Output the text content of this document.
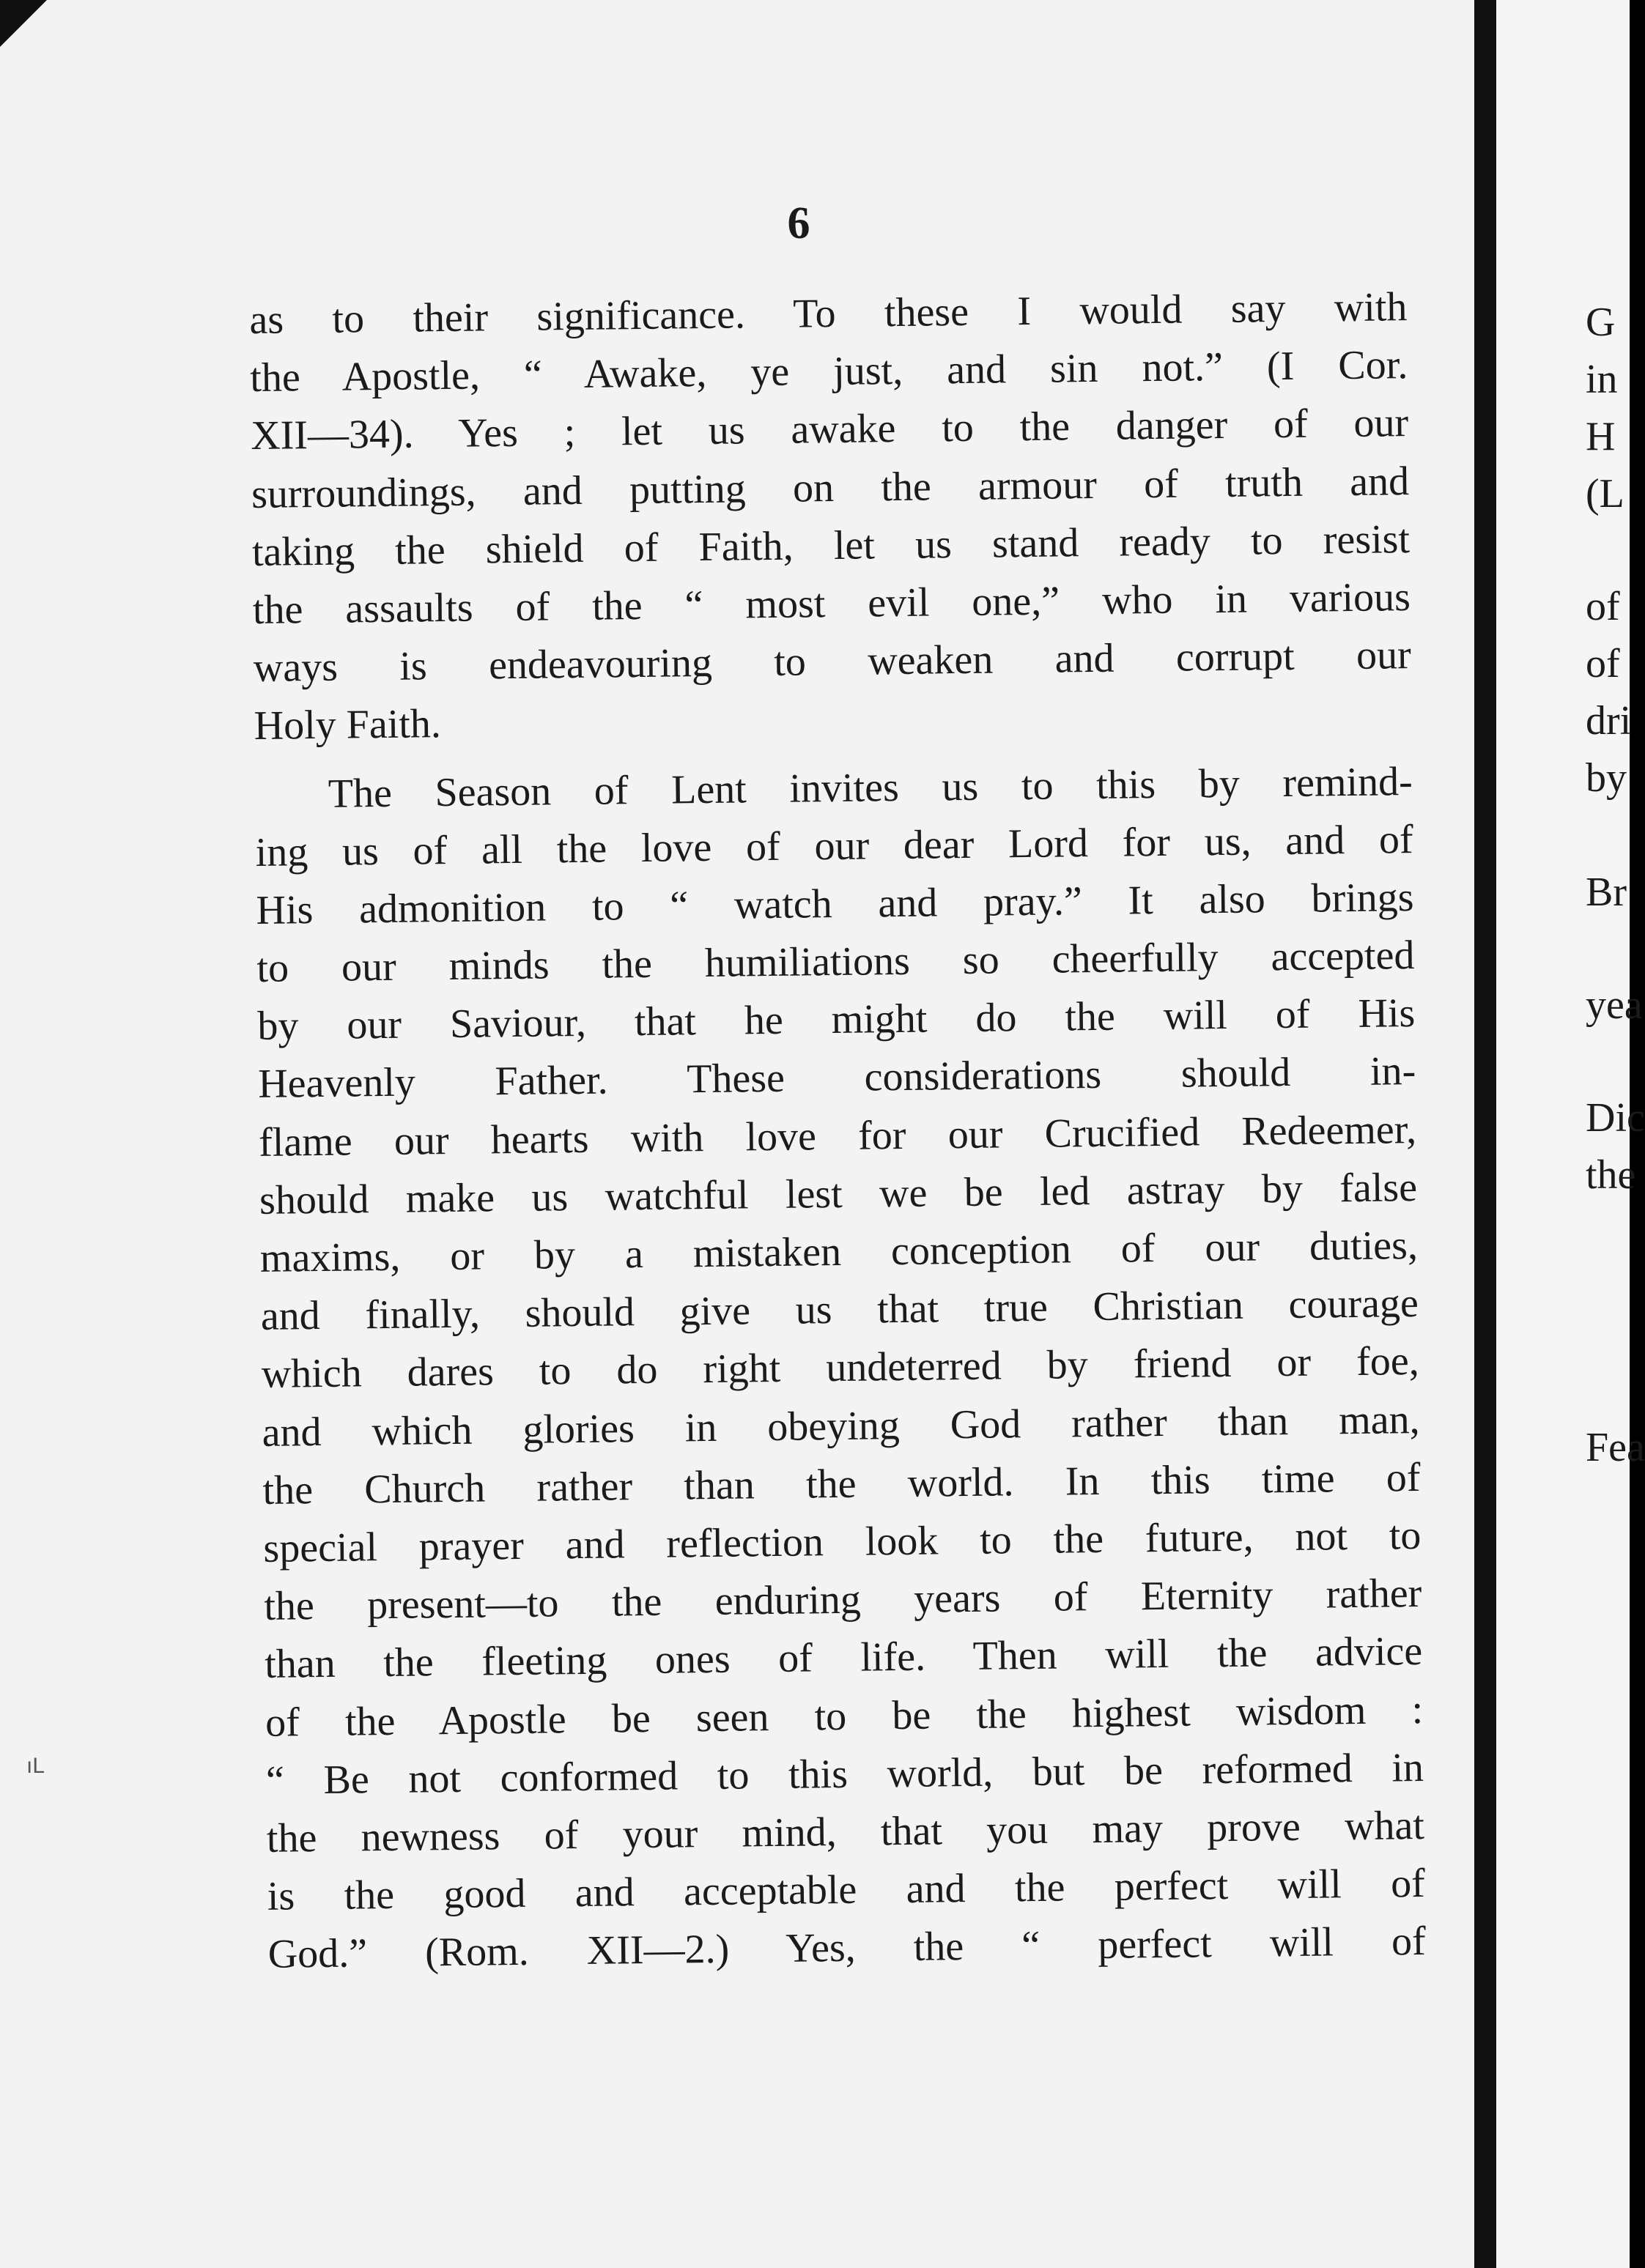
6
ıL
as to their significance. To these I would say with
the Apostle, “ Awake, ye just, and sin not.” (I Cor.
XII—34). Yes ; let us awake to the danger of our
surroundings, and putting on the armour of truth and
taking the shield of Faith, let us stand ready to resist
the assaults of the “ most evil one,” who in various
ways is endeavouring to weaken and corrupt our
Holy Faith.
The Season of Lent invites us to this by remind-
ing us of all the love of our dear Lord for us, and of
His admonition to “ watch and pray.” It also brings
to our minds the humiliations so cheerfully accepted
by our Saviour, that he might do the will of His
Heavenly Father. These considerations should in-
flame our hearts with love for our Crucified Redeemer,
should make us watchful lest we be led astray by false
maxims, or by a mistaken conception of our duties,
and finally, should give us that true Christian courage
which dares to do right undeterred by friend or foe,
and which glories in obeying God rather than man,
the Church rather than the world. In this time of
special prayer and reflection look to the future, not to
the present—to the enduring years of Eternity rather
than the fleeting ones of life. Then will the advice
of the Apostle be seen to be the highest wisdom :
“ Be not conformed to this world, but be reformed in
the newness of your mind, that you may prove what
is the good and acceptable and the perfect will of
God.” (Rom. XII—2.) Yes, the “ perfect will of
G
in
H
(L
of
of
dri
by
Br
yea
Dic
the
Fea
